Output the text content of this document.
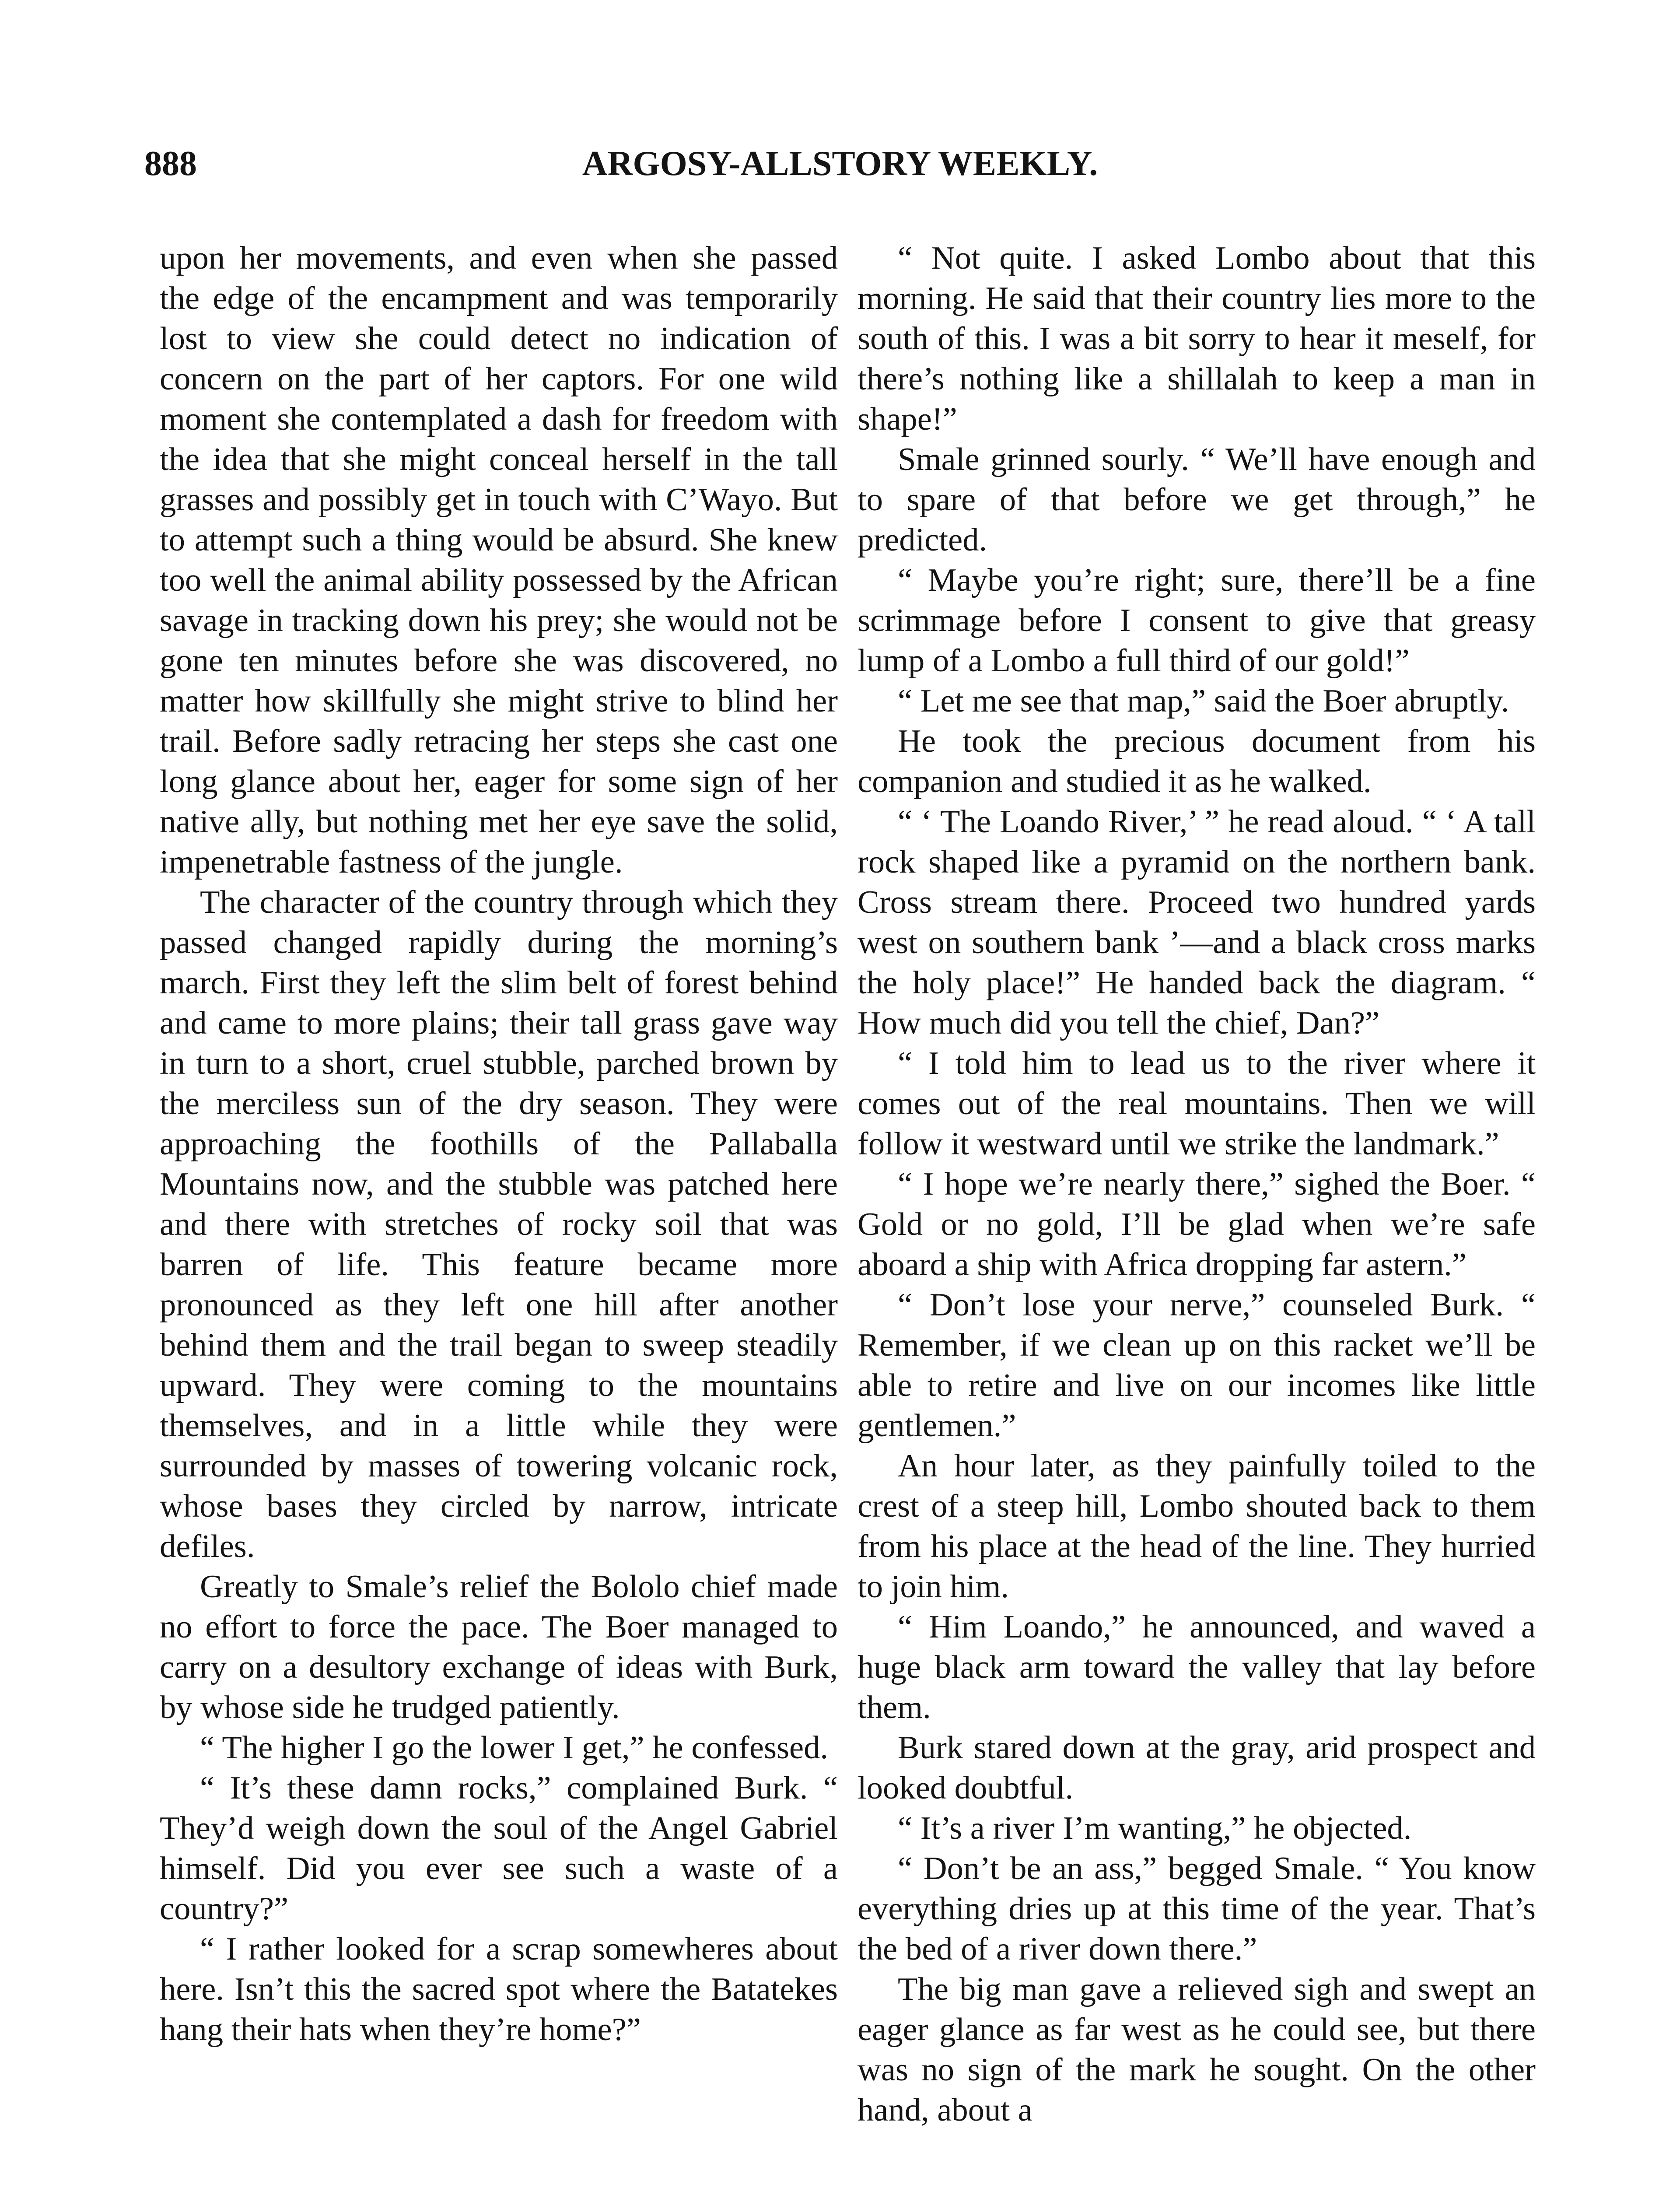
888	ARGOSY-ALLSTORY WEEKLY.

upon her movements, and even when she passed the edge of the encampment and was temporarily lost to view she could detect no indication of concern on the part of her captors. For one wild moment she contemplated a dash for freedom with the idea that she might conceal herself in the tall grasses and possibly get in touch with C’Wayo. But to attempt such a thing would be absurd. She knew too well the animal ability possessed by the African savage in tracking down his prey; she would not be gone ten minutes before she was discovered, no matter how skillfully she might strive to blind her trail. Before sadly retracing her steps she cast one long glance about her, eager for some sign of her native ally, but nothing met her eye save the solid, impenetrable fastness of the jungle.

The character of the country through which they passed changed rapidly during the morning’s march. First they left the slim belt of forest behind and came to more plains; their tall grass gave way in turn to a short, cruel stubble, parched brown by the merciless sun of the dry season. They were approaching the foothills of the Pallaballa Mountains now, and the stubble was patched here and there with stretches of rocky soil that was barren of life. This feature became more pronounced as they left one hill after another behind them and the trail began to sweep steadily upward. They were coming to the mountains themselves, and in a little while they were surrounded by masses of towering volcanic rock, whose bases they circled by narrow, intricate defiles.

Greatly to Smale’s relief the Bololo chief made no effort to force the pace. The Boer managed to carry on a desultory exchange of ideas with Burk, by whose side he trudged patiently.

“ The higher I go the lower I get,” he confessed.

“ It’s these damn rocks,” complained Burk. “ They’d weigh down the soul of the Angel Gabriel himself. Did you ever see such a waste of a country?”

“ I rather looked for a scrap somewheres about here. Isn’t this the sacred spot where the Batatekes hang their hats when they’re home?”

“ Not quite. I asked Lombo about that this morning. He said that their country lies more to the south of this. I was a bit sorry to hear it meself, for there’s nothing like a shillalah to keep a man in shape!”

Smale grinned sourly. “ We’ll have enough and to spare of that before we get through,” he predicted.

“ Maybe you’re right; sure, there’ll be a fine scrimmage before I consent to give that greasy lump of a Lombo a full third of our gold!”

“ Let me see that map,” said the Boer abruptly.

He took the precious document from his companion and studied it as he walked.

“ ‘ The Loando River,’ ” he read aloud. “ ‘ A tall rock shaped like a pyramid on the northern bank. Cross stream there. Proceed two hundred yards west on southern bank ’—and a black cross marks the holy place!” He handed back the diagram. “ How much did you tell the chief, Dan?”

“ I told him to lead us to the river where it comes out of the real mountains. Then we will follow it westward until we strike the landmark.”

“ I hope we’re nearly there,” sighed the Boer. “ Gold or no gold, I’ll be glad when we’re safe aboard a ship with Africa dropping far astern.”

“ Don’t lose your nerve,” counseled Burk. “ Remember, if we clean up on this racket we’ll be able to retire and live on our incomes like little gentlemen.”

An hour later, as they painfully toiled to the crest of a steep hill, Lombo shouted back to them from his place at the head of the line. They hurried to join him.

“ Him Loando,” he announced, and waved a huge black arm toward the valley that lay before them.

Burk stared down at the gray, arid prospect and looked doubtful.

“ It’s a river I’m wanting,” he objected.

“ Don’t be an ass,” begged Smale. “ You know everything dries up at this time of the year. That’s the bed of a river down there.”

The big man gave a relieved sigh and swept an eager glance as far west as he could see, but there was no sign of the mark he sought. On the other hand, about a
